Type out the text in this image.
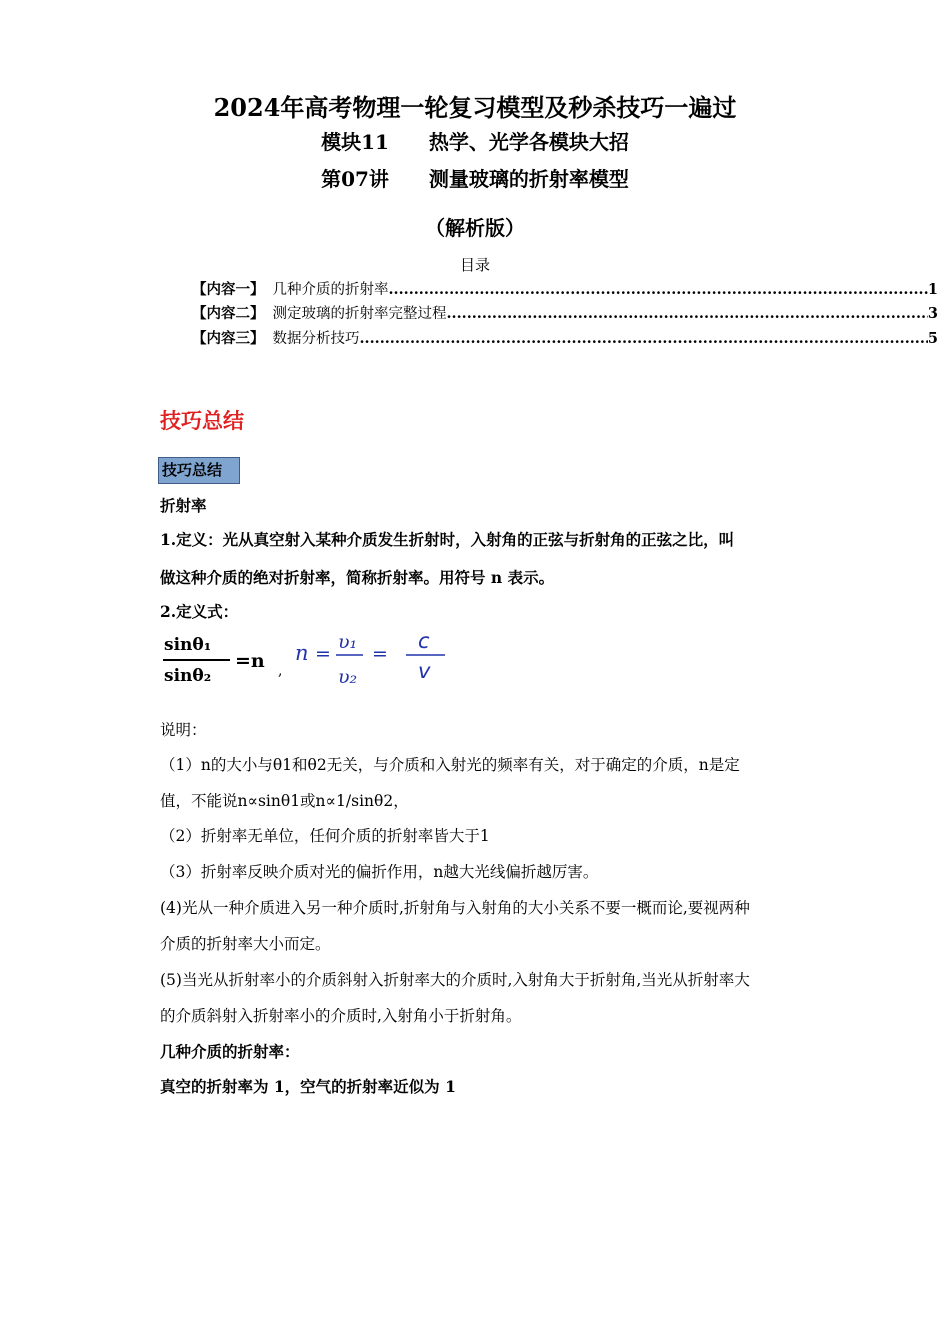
2024年高考物理一轮复习模型及秒杀技巧一遍过
模块11　　热学、光学各模块大招
第07讲　　测量玻璃的折射率模型
（解析版）
目录
【内容一】 几种介质的折射率 .....	1
【内容二】 测定玻璃的折射率完整过程 .....	3
【内容三】 数据分析技巧 .....	5
技巧总结
技巧总结
折射率
1.定义：光从真空射入某种介质发生折射时，入射角的正弦与折射角的正弦之比，叫
做这种介质的绝对折射率，简称折射率。用符号 n 表示。
2.定义式：
sinθ₁
sinθ₂
=n ,
n =
υ₁
υ₂
=
c
v
说明：
（1）n的大小与θ1和θ2无关，与介质和入射光的频率有关，对于确定的介质，n是定
值，不能说n∝sinθ1或n∝1/sinθ2，
（2）折射率无单位，任何介质的折射率皆大于1
（3）折射率反映介质对光的偏折作用，n越大光线偏折越厉害。
(4)光从一种介质进入另一种介质时,折射角与入射角的大小关系不要一概而论,要视两种
介质的折射率大小而定。
(5)当光从折射率小的介质斜射入折射率大的介质时,入射角大于折射角,当光从折射率大
的介质斜射入折射率小的介质时,入射角小于折射角。
几种介质的折射率：
真空的折射率为 1，空气的折射率近似为 1
